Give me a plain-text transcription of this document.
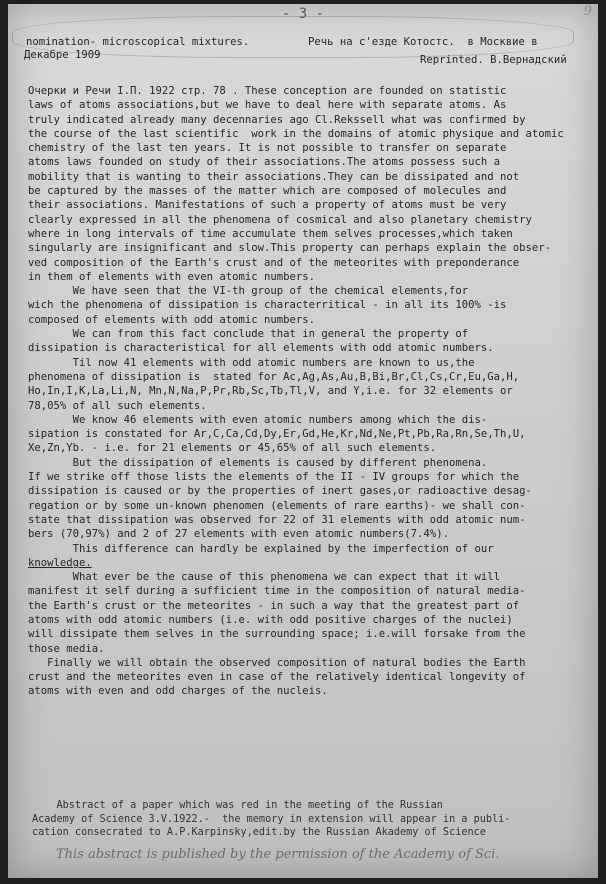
- 3 -	9
nomination- microscopical mixtures.	Речь на с'езде Котостс.  в Москвие в
Декабре 1909	Reprinted. В.Вернадский
Очерки и Речи І.П. 1922 стр. 78 . These conception are founded on statistic
laws of atoms associations,but we have to deal here with separate atoms. As
truly indicated already many decennaries ago Cl.Rekssell what was confirmed by
the course of the last scientific  work in the domains of atomic physique and atomic
chemistry of the last ten years. It is not possible to transfer on separate
atoms laws founded on study of their associations.The atoms possess such a
mobility that is wanting to their associations.They can be dissipated and not
be captured by the masses of the matter which are composed of molecules and
their associations. Manifestations of such a property of atoms must be very
clearly expressed in all the phenomena of cosmical and also planetary chemistry
where in long intervals of time accumulate them selves processes,which taken
singularly are insignificant and slow.This property can perhaps explain the obser-
ved composition of the Earth's crust and of the meteorites with preponderance
in them of elements with even atomic numbers.
We have seen that the VI-th group of the chemical elements,for
wich the phenomena of dissipation is characterritical - in all its 100% -is
composed of elements with odd atomic numbers.
We can from this fact conclude that in general the property of
dissipation is characteristical for all elements with odd atomic numbers.
Til now 41 elements with odd atomic numbers are known to us,the
phenomena of dissipation is  stated for Ac,Ag,As,Au,B,Bi,Br,Cl,Cs,Cr,Eu,Ga,H,
Ho,In,I,K,La,Li,N, Mn,N,Na,P,Pr,Rb,Sc,Tb,Tl,V, and Y,i.e. for 32 elements or
78,05% of all such elements.
We know 46 elements with even atomic numbers among which the dis-
sipation is constated for Ar,C,Ca,Cd,Dy,Er,Gd,He,Kr,Nd,Ne,Pt,Pb,Ra,Rn,Se,Th,U,
Xe,Zn,Yb. - i.e. for 21 elements or 45,65% of all such elements.
But the dissipation of elements is caused by different phenomena.
If we strike off those lists the elements of the II - IV groups for which the
dissipation is caused or by the properties of inert gases,or radioactive desag-
regation or by some un-known phenomen (elements of rare earths)- we shall con-
state that dissipation was observed for 22 of 31 elements with odd atomic num-
bers (70,97%) and 2 of 27 elements with even atomic numbers(7.4%).
This difference can hardly be explained by the imperfection of our
knowledge.
What ever be the cause of this phenomena we can expect that it will
manifest it self during a sufficient time in the composition of natural media-
the Earth's crust or the meteorites - in such a way that the greatest part of
atoms with odd atomic numbers (i.e. with odd positive charges of the nuclei)
will dissipate them selves in the surrounding space; i.e.will forsake from the
those media.
Finally we will obtain the observed composition of natural bodies the Earth
crust and the meteorites even in case of the relatively identical longevity of
atoms with even and odd charges of the nucleis.
Abstract of a paper which was red in the meeting of the Russian
Academy of Science 3.V.1922.-  the memory in extension will appear in a publi-
cation consecrated to A.P.Karpinsky,edit.by the Russian Akademy of Science
This abstract is published by the permission of the Academy of Sci.
